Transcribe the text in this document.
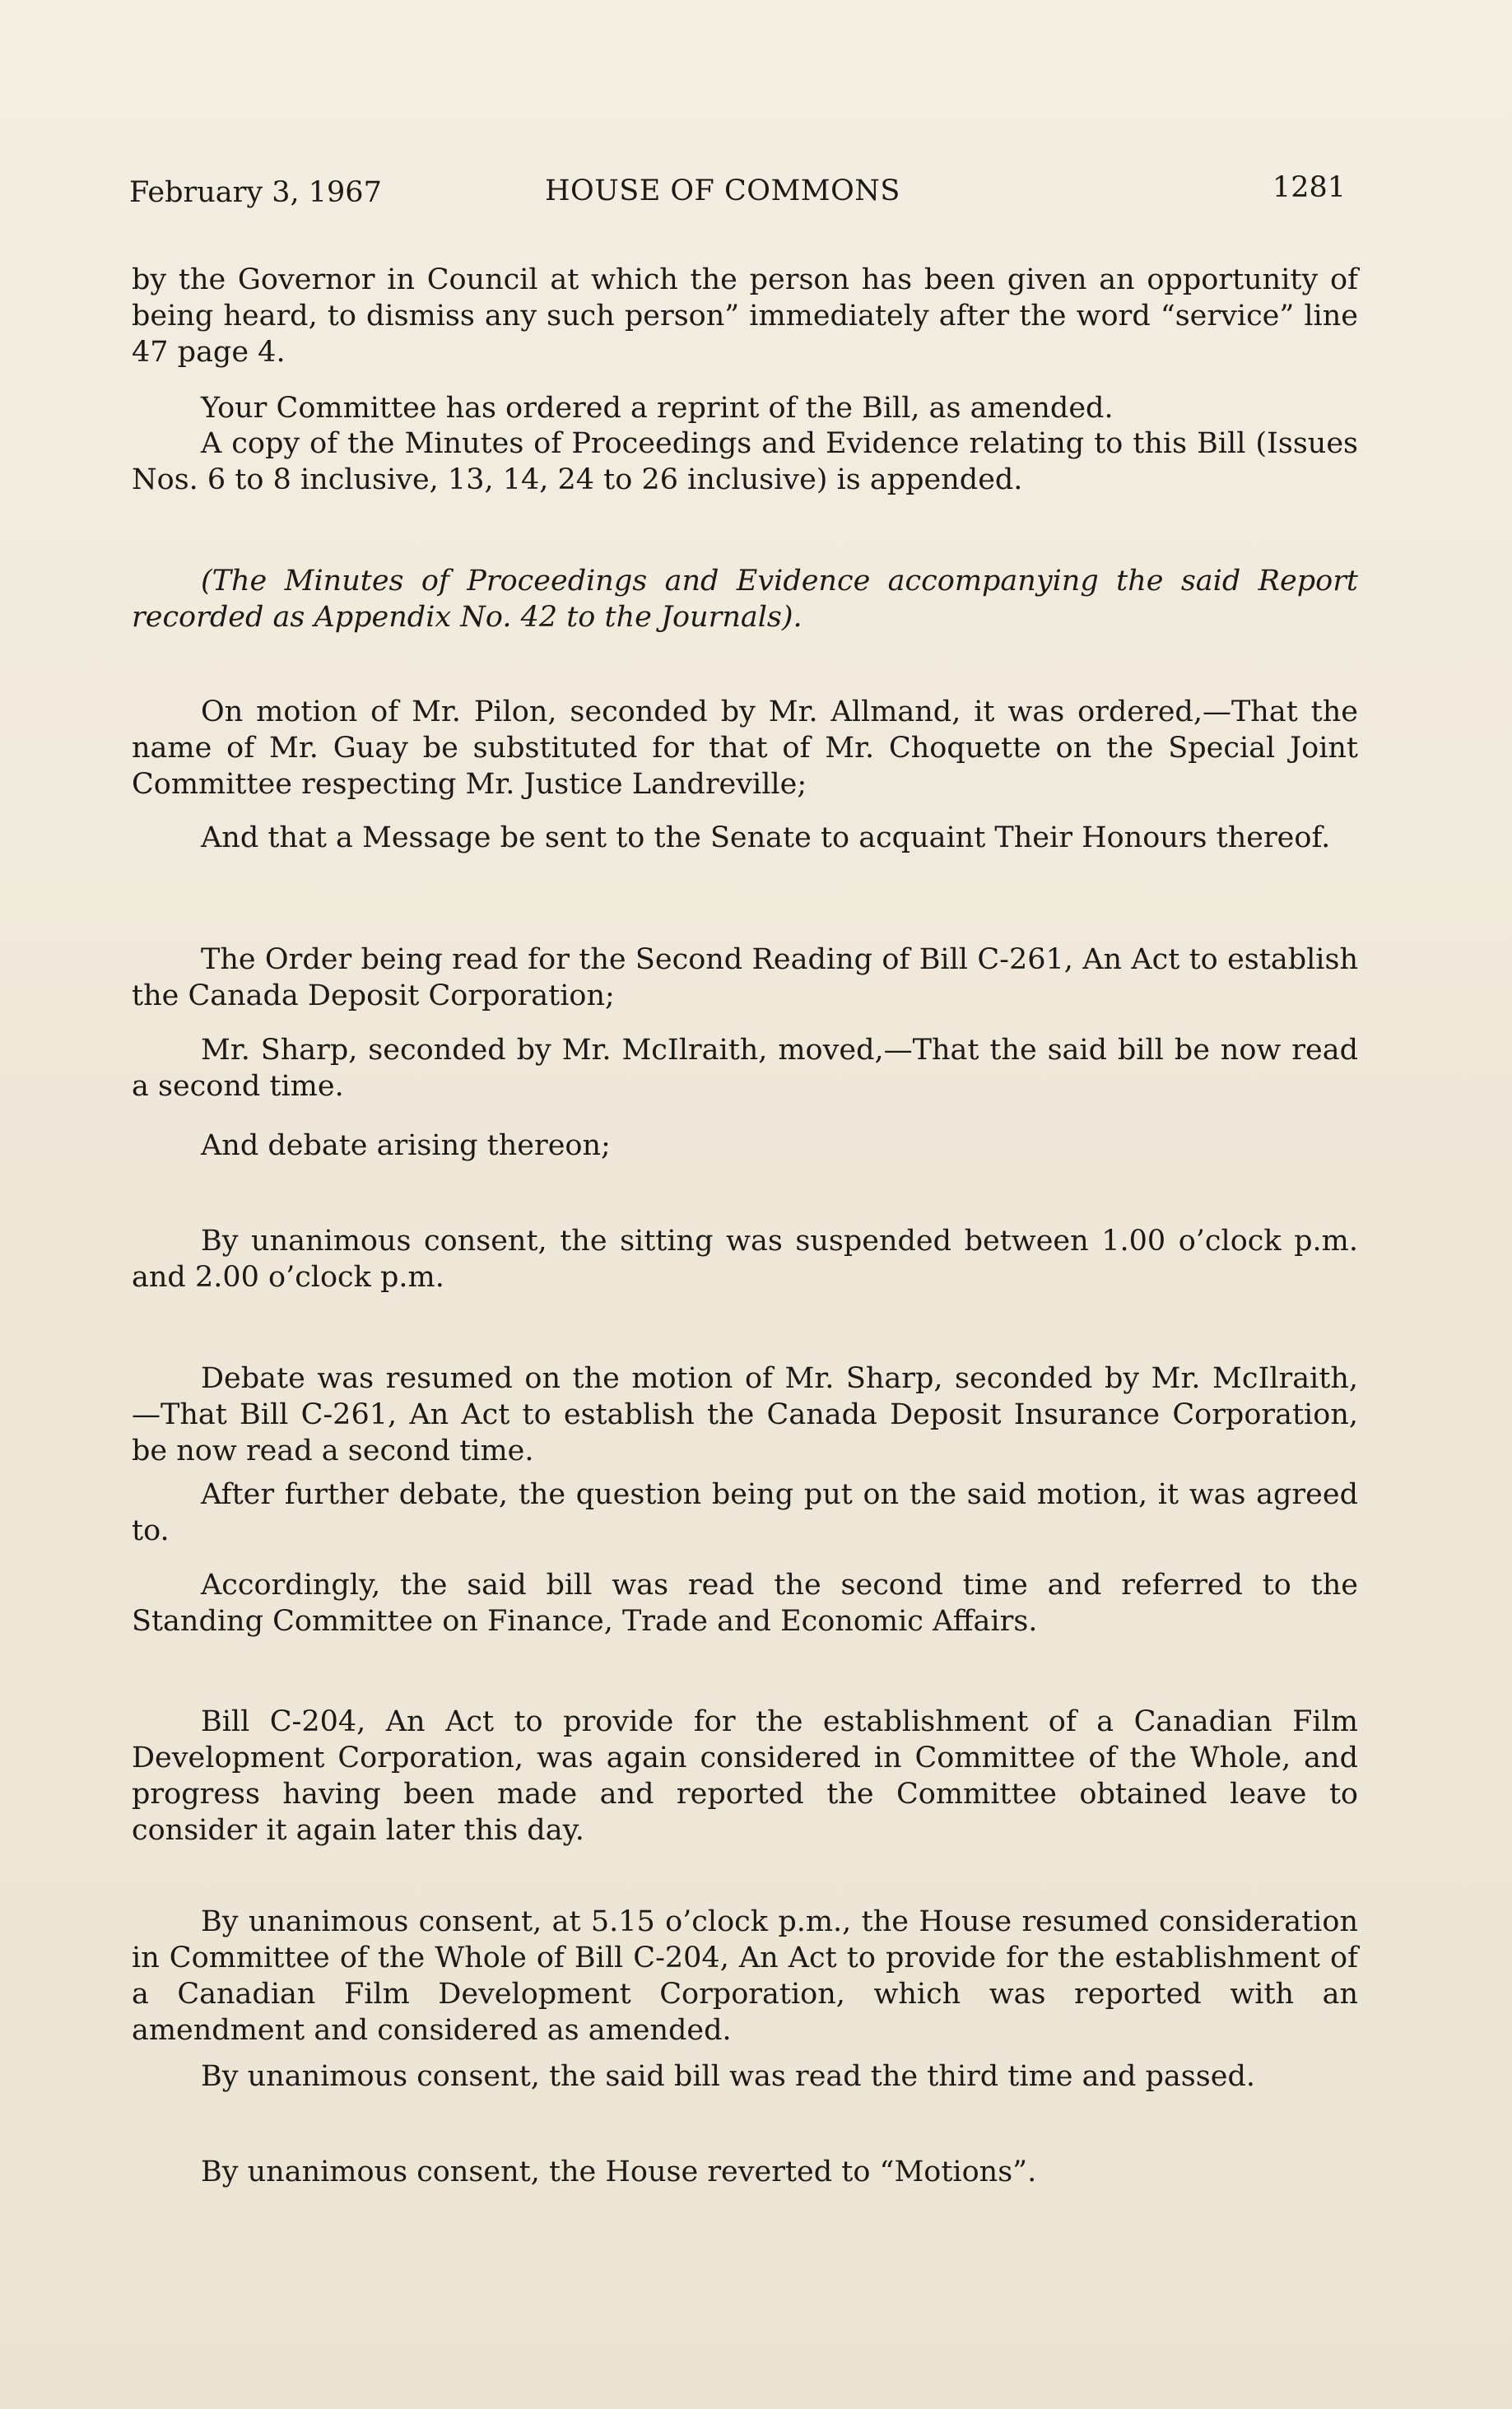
February 3, 1967	HOUSE OF COMMONS	1281

by the Governor in Council at which the person has been given an opportunity of being heard, to dismiss any such person” immediately after the word “service” line 47 page 4.

Your Committee has ordered a reprint of the Bill, as amended.

A copy of the Minutes of Proceedings and Evidence relating to this Bill (Issues Nos. 6 to 8 inclusive, 13, 14, 24 to 26 inclusive) is appended.

(The Minutes of Proceedings and Evidence accompanying the said Report recorded as Appendix No. 42 to the Journals).

On motion of Mr. Pilon, seconded by Mr. Allmand, it was ordered,—That the name of Mr. Guay be substituted for that of Mr. Choquette on the Special Joint Committee respecting Mr. Justice Landreville;

And that a Message be sent to the Senate to acquaint Their Honours thereof.

The Order being read for the Second Reading of Bill C-261, An Act to establish the Canada Deposit Corporation;

Mr. Sharp, seconded by Mr. McIlraith, moved,—That the said bill be now read a second time.

And debate arising thereon;

By unanimous consent, the sitting was suspended between 1.00 o’clock p.m. and 2.00 o’clock p.m.

Debate was resumed on the motion of Mr. Sharp, seconded by Mr. McIlraith, —That Bill C-261, An Act to establish the Canada Deposit Insurance Corporation, be now read a second time.

After further debate, the question being put on the said motion, it was agreed to.

Accordingly, the said bill was read the second time and referred to the Standing Committee on Finance, Trade and Economic Affairs.

Bill C-204, An Act to provide for the establishment of a Canadian Film Development Corporation, was again considered in Committee of the Whole, and progress having been made and reported the Committee obtained leave to consider it again later this day.

By unanimous consent, at 5.15 o’clock p.m., the House resumed consideration in Committee of the Whole of Bill C-204, An Act to provide for the establishment of a Canadian Film Development Corporation, which was reported with an amendment and considered as amended.

By unanimous consent, the said bill was read the third time and passed.

By unanimous consent, the House reverted to “Motions”.
